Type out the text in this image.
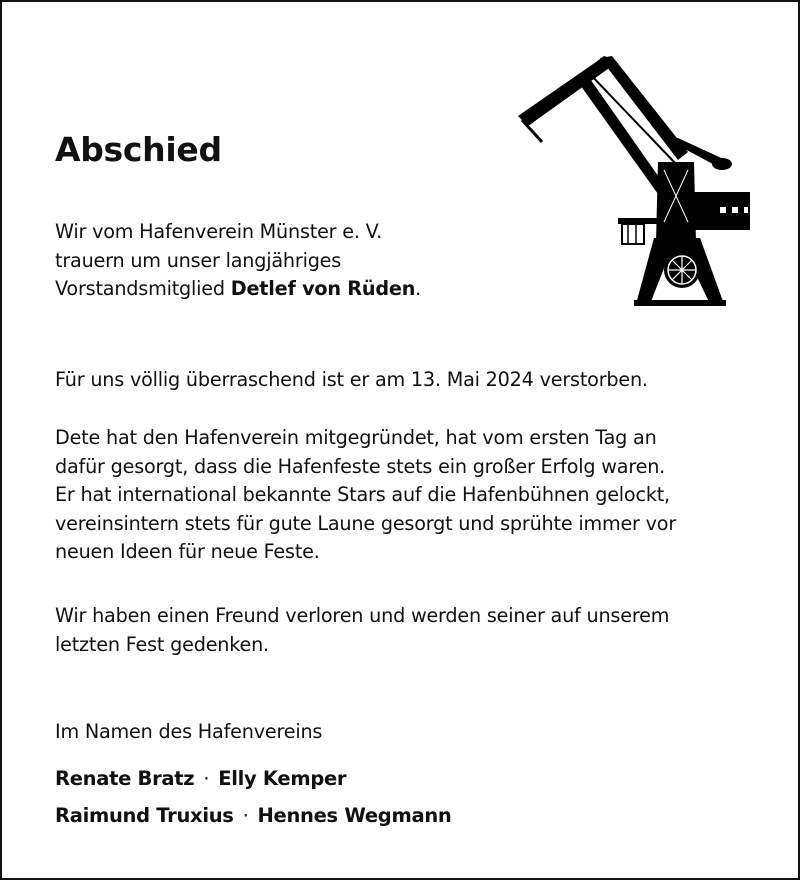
Abschied

Wir vom Hafenverein Münster e. V.
trauern um unser langjähriges
Vorstandsmitglied Detlef von Rüden.

Für uns völlig überraschend ist er am 13. Mai 2024 verstorben.

Dete hat den Hafenverein mitgegründet, hat vom ersten Tag an
dafür gesorgt, dass die Hafenfeste stets ein großer Erfolg waren.
Er hat international bekannte Stars auf die Hafenbühnen gelockt,
vereinsintern stets für gute Laune gesorgt und sprühte immer vor
neuen Ideen für neue Feste.

Wir haben einen Freund verloren und werden seiner auf unserem
letzten Fest gedenken.

Im Namen des Hafenvereins

Renate Bratz · Elly Kemper
Raimund Truxius · Hennes Wegmann
